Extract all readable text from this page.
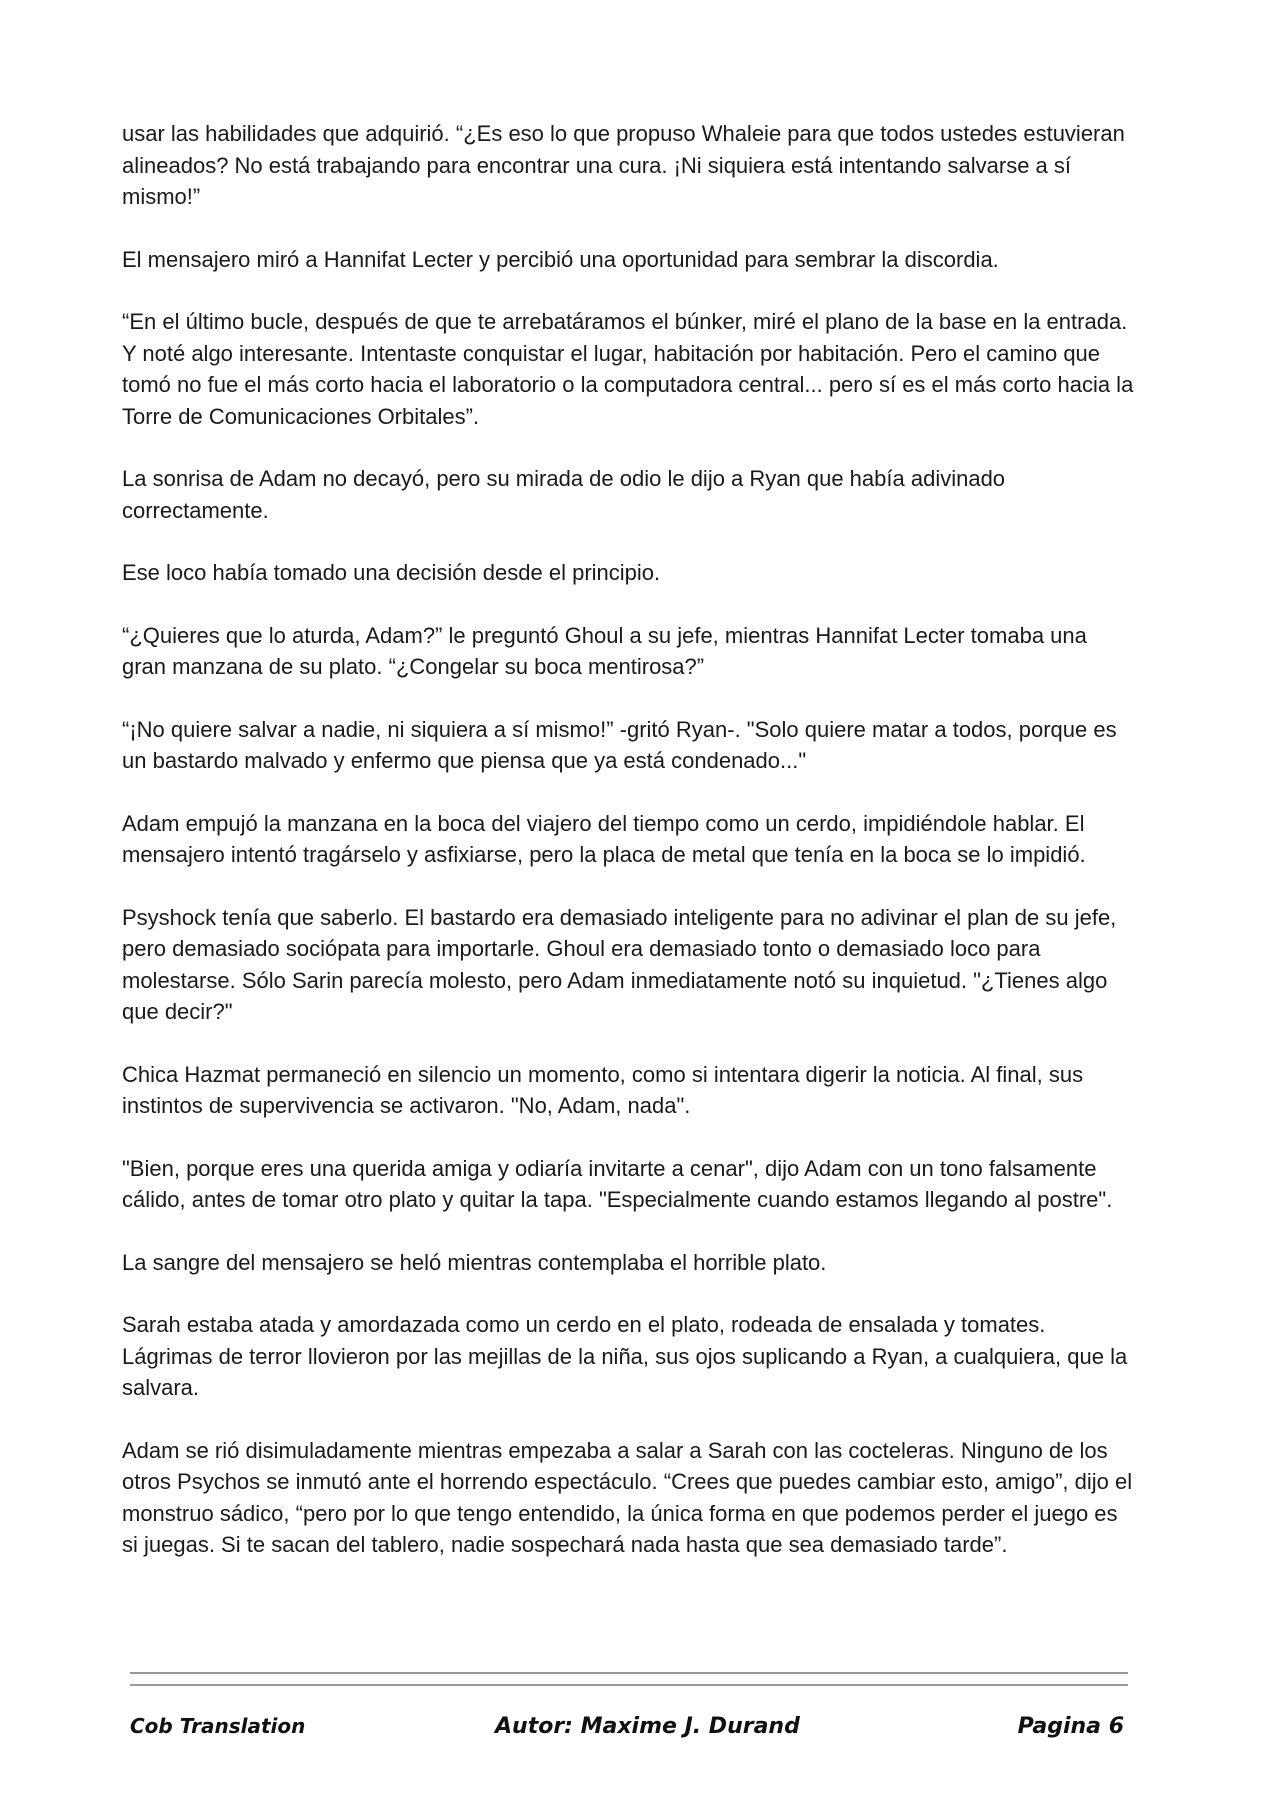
usar las habilidades que adquirió. “¿Es eso lo que propuso Whaleie para que todos ustedes estuvieran alineados? No está trabajando para encontrar una cura. ¡Ni siquiera está intentando salvarse a sí mismo!”

El mensajero miró a Hannifat Lecter y percibió una oportunidad para sembrar la discordia.

“En el último bucle, después de que te arrebatáramos el búnker, miré el plano de la base en la entrada. Y noté algo interesante. Intentaste conquistar el lugar, habitación por habitación. Pero el camino que tomó no fue el más corto hacia el laboratorio o la computadora central... pero sí es el más corto hacia la Torre de Comunicaciones Orbitales”.

La sonrisa de Adam no decayó, pero su mirada de odio le dijo a Ryan que había adivinado correctamente.

Ese loco había tomado una decisión desde el principio.

“¿Quieres que lo aturda, Adam?” le preguntó Ghoul a su jefe, mientras Hannifat Lecter tomaba una gran manzana de su plato. “¿Congelar su boca mentirosa?”

“¡No quiere salvar a nadie, ni siquiera a sí mismo!” -gritó Ryan-. "Solo quiere matar a todos, porque es un bastardo malvado y enfermo que piensa que ya está condenado..."

Adam empujó la manzana en la boca del viajero del tiempo como un cerdo, impidiéndole hablar. El mensajero intentó tragárselo y asfixiarse, pero la placa de metal que tenía en la boca se lo impidió.

Psyshock tenía que saberlo. El bastardo era demasiado inteligente para no adivinar el plan de su jefe, pero demasiado sociópata para importarle. Ghoul era demasiado tonto o demasiado loco para molestarse. Sólo Sarin parecía molesto, pero Adam inmediatamente notó su inquietud. "¿Tienes algo que decir?"

Chica Hazmat permaneció en silencio un momento, como si intentara digerir la noticia. Al final, sus instintos de supervivencia se activaron. "No, Adam, nada".

"Bien, porque eres una querida amiga y odiaría invitarte a cenar", dijo Adam con un tono falsamente cálido, antes de tomar otro plato y quitar la tapa. "Especialmente cuando estamos llegando al postre".

La sangre del mensajero se heló mientras contemplaba el horrible plato.

Sarah estaba atada y amordazada como un cerdo en el plato, rodeada de ensalada y tomates. Lágrimas de terror llovieron por las mejillas de la niña, sus ojos suplicando a Ryan, a cualquiera, que la salvara.

Adam se rió disimuladamente mientras empezaba a salar a Sarah con las cocteleras. Ninguno de los otros Psychos se inmutó ante el horrendo espectáculo. “Crees que puedes cambiar esto, amigo”, dijo el monstruo sádico, “pero por lo que tengo entendido, la única forma en que podemos perder el juego es si juegas. Si te sacan del tablero, nadie sospechará nada hasta que sea demasiado tarde”.

Cob Translation	Autor: Maxime J. Durand	Pagina 6
